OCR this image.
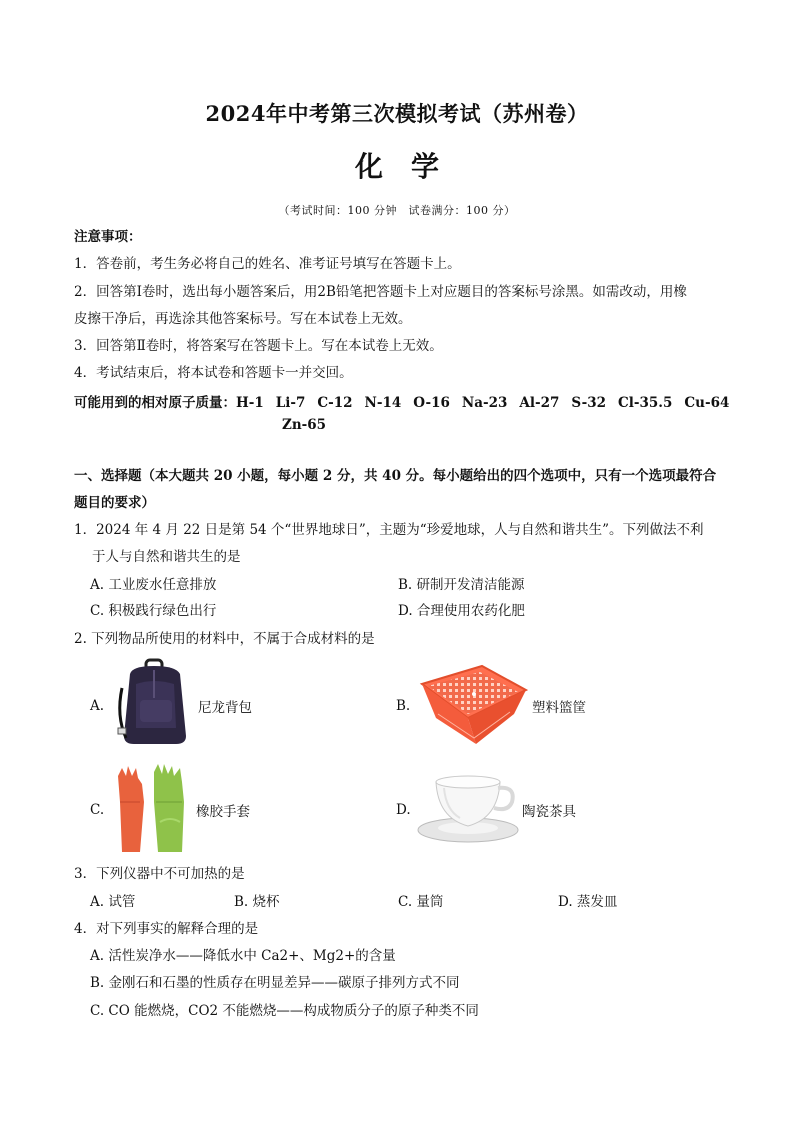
2024年中考第三次模拟考试（苏州卷）
化学
（考试时间：100 分钟　试卷满分：100 分）
注意事项：
1．答卷前，考生务必将自己的姓名、准考证号填写在答题卡上。
2．回答第Ⅰ卷时，选出每小题答案后，用2B铅笔把答题卡上对应题目的答案标号涂黑。如需改动，用橡
皮擦干净后，再选涂其他答案标号。写在本试卷上无效。
3．回答第Ⅱ卷时，将答案写在答题卡上。写在本试卷上无效。
4．考试结束后，将本试卷和答题卡一并交回。
可能用到的相对原子质量：H-1 Li-7 C-12 N-14 O-16 Na-23 Al-27 S-32 Cl-35.5 Cu-64
Zn-65
一、选择题（本大题共 20 小题，每小题 2 分，共 40 分。每小题给出的四个选项中，只有一个选项最符合
题目的要求）
1．2024 年 4 月 22 日是第 54 个“世界地球日”，主题为“珍爱地球，人与自然和谐共生”。下列做法不利
于人与自然和谐共生的是
A. 工业废水任意排放	B. 研制开发清洁能源
C. 积极践行绿色出行	D. 合理使用农药化肥
2. 下列物品所使用的材料中，不属于合成材料的是
A.	尼龙背包	B.	塑料篮筐
C.	橡胶手套	D.	陶瓷茶具
3．下列仪器中不可加热的是
A. 试管	B. 烧杯	C. 量筒	D. 蒸发皿
4．对下列事实的解释合理的是
A. 活性炭净水——降低水中 Ca2+、Mg2+的含量
B. 金刚石和石墨的性质存在明显差异——碳原子排列方式不同
C. CO 能燃烧，CO2 不能燃烧——构成物质分子的原子种类不同
